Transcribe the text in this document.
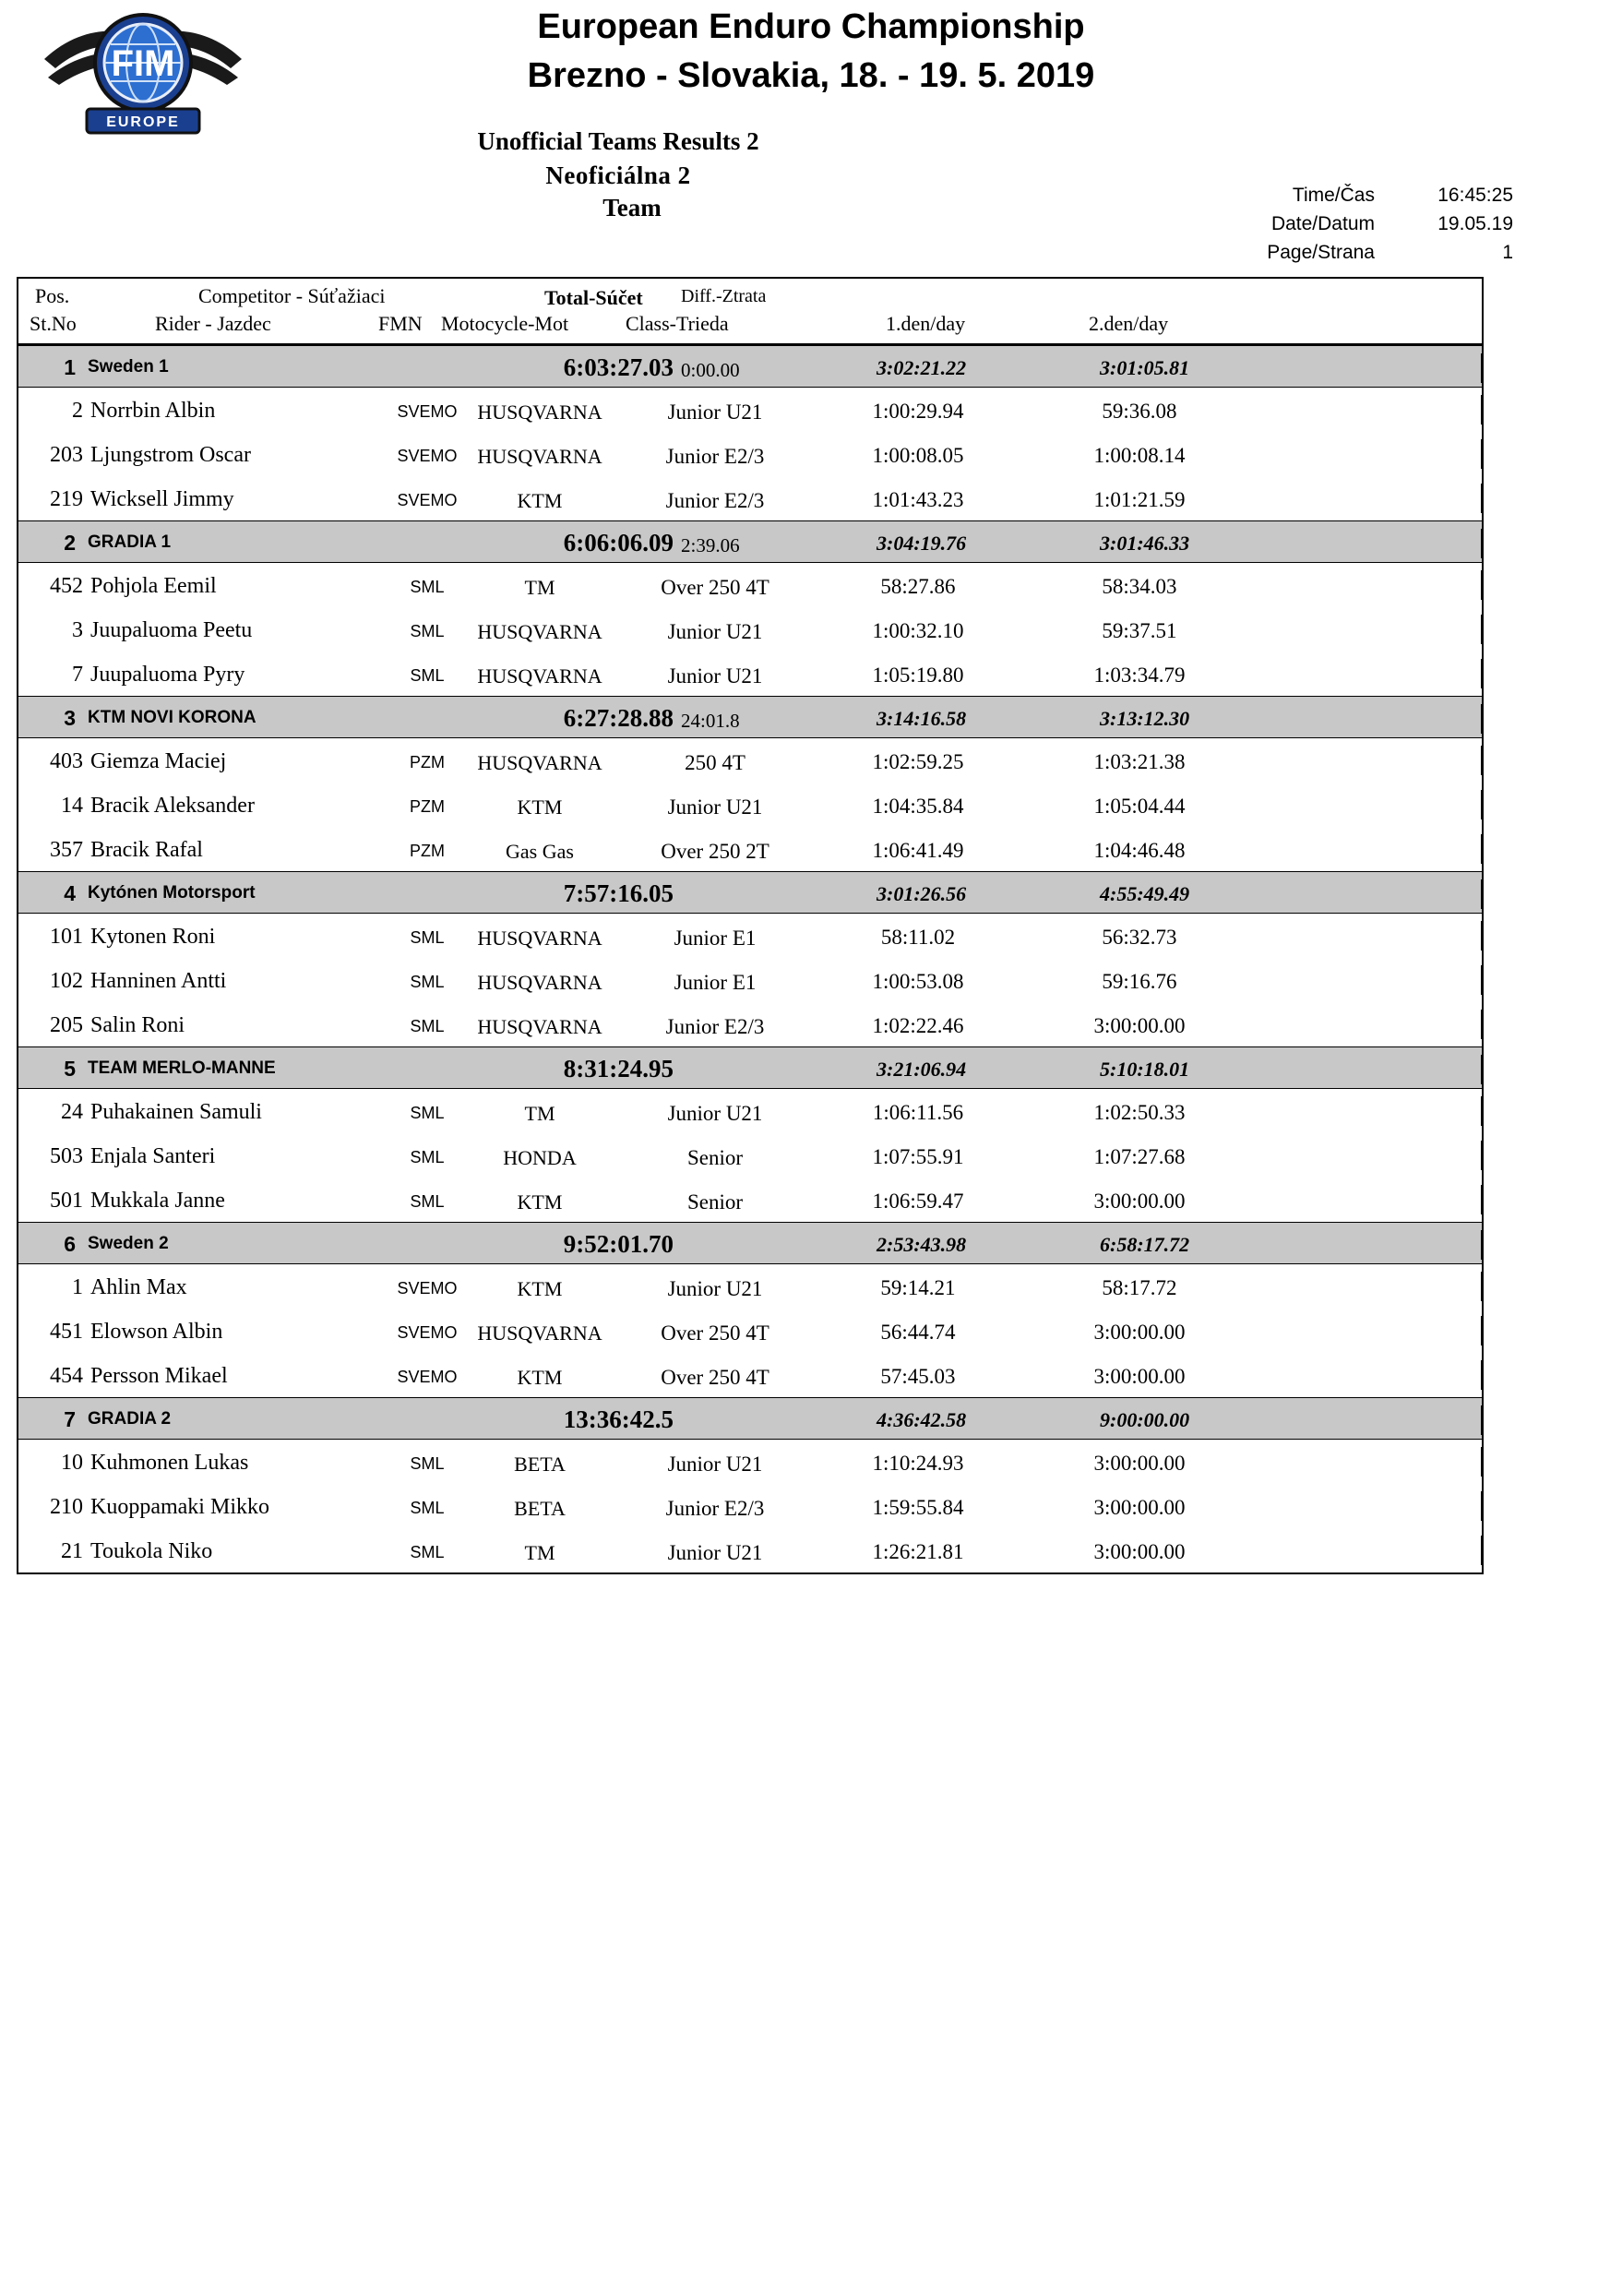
FIM
EUROPE
European Enduro Championship
Brezno - Slovakia, 18. - 19. 5. 2019
Unofficial Teams Results 2
Neoficiálna 2
Team	Time/Čas	16:45:25
Date/Datum	19.05.19
Page/Strana	1
Pos.
St.No
Competitor - Súťažiaci
Rider - Jazdec	FMN Motocycle-Mot
Total-Súčet
Class-Trieda
Diff.-Ztrata
1.den/day	2.den/day
1 Sweden 1	6:03:27.03 0:00.00	3:02:21.22	3:01:05.81
2 Norrbin Albin	SVEMO HUSQVARNA	Junior U21	1:00:29.94	59:36.08
203 Ljungstrom Oscar	SVEMO HUSQVARNA	Junior E2/3	1:00:08.05	1:00:08.14
219 Wicksell Jimmy	SVEMO	KTM	Junior E2/3	1:01:43.23	1:01:21.59
2 GRADIA 1	6:06:06.09 2:39.06	3:04:19.76	3:01:46.33
452 Pohjola Eemil	SML	TM	Over 250 4T	58:27.86	58:34.03
3 Juupaluoma Peetu	SML	HUSQVARNA	Junior U21	1:00:32.10	59:37.51
7 Juupaluoma Pyry	SML	HUSQVARNA	Junior U21	1:05:19.80	1:03:34.79
3 KTM NOVI KORONA	6:27:28.88 24:01.8	3:14:16.58	3:13:12.30
403 Giemza Maciej	PZM	HUSQVARNA	250 4T	1:02:59.25	1:03:21.38
14 Bracik Aleksander	PZM	KTM	Junior U21	1:04:35.84	1:05:04.44
357 Bracik Rafal	PZM	Gas Gas	Over 250 2T	1:06:41.49	1:04:46.48
4 Kytónen Motorsport	7:57:16.05	3:01:26.56	4:55:49.49
101 Kytonen Roni	SML	HUSQVARNA	Junior E1	58:11.02	56:32.73
102 Hanninen Antti	SML	HUSQVARNA	Junior E1	1:00:53.08	59:16.76
205 Salin Roni	SML	HUSQVARNA	Junior E2/3	1:02:22.46	3:00:00.00
5 TEAM MERLO-MANNE	8:31:24.95	3:21:06.94	5:10:18.01
24 Puhakainen Samuli	SML	TM	Junior U21	1:06:11.56	1:02:50.33
503 Enjala Santeri	SML	HONDA	Senior	1:07:55.91	1:07:27.68
501 Mukkala Janne	SML	KTM	Senior	1:06:59.47	3:00:00.00
6 Sweden 2	9:52:01.70	2:53:43.98	6:58:17.72
1 Ahlin Max	SVEMO	KTM	Junior U21	59:14.21	58:17.72
451 Elowson Albin	SVEMO HUSQVARNA	Over 250 4T	56:44.74	3:00:00.00
454 Persson Mikael	SVEMO	KTM	Over 250 4T	57:45.03	3:00:00.00
7 GRADIA 2	13:36:42.5	4:36:42.58	9:00:00.00
10 Kuhmonen Lukas	SML	BETA	Junior U21	1:10:24.93	3:00:00.00
210 Kuoppamaki Mikko	SML	BETA	Junior E2/3	1:59:55.84	3:00:00.00
21 Toukola Niko	SML	TM	Junior U21	1:26:21.81	3:00:00.00
